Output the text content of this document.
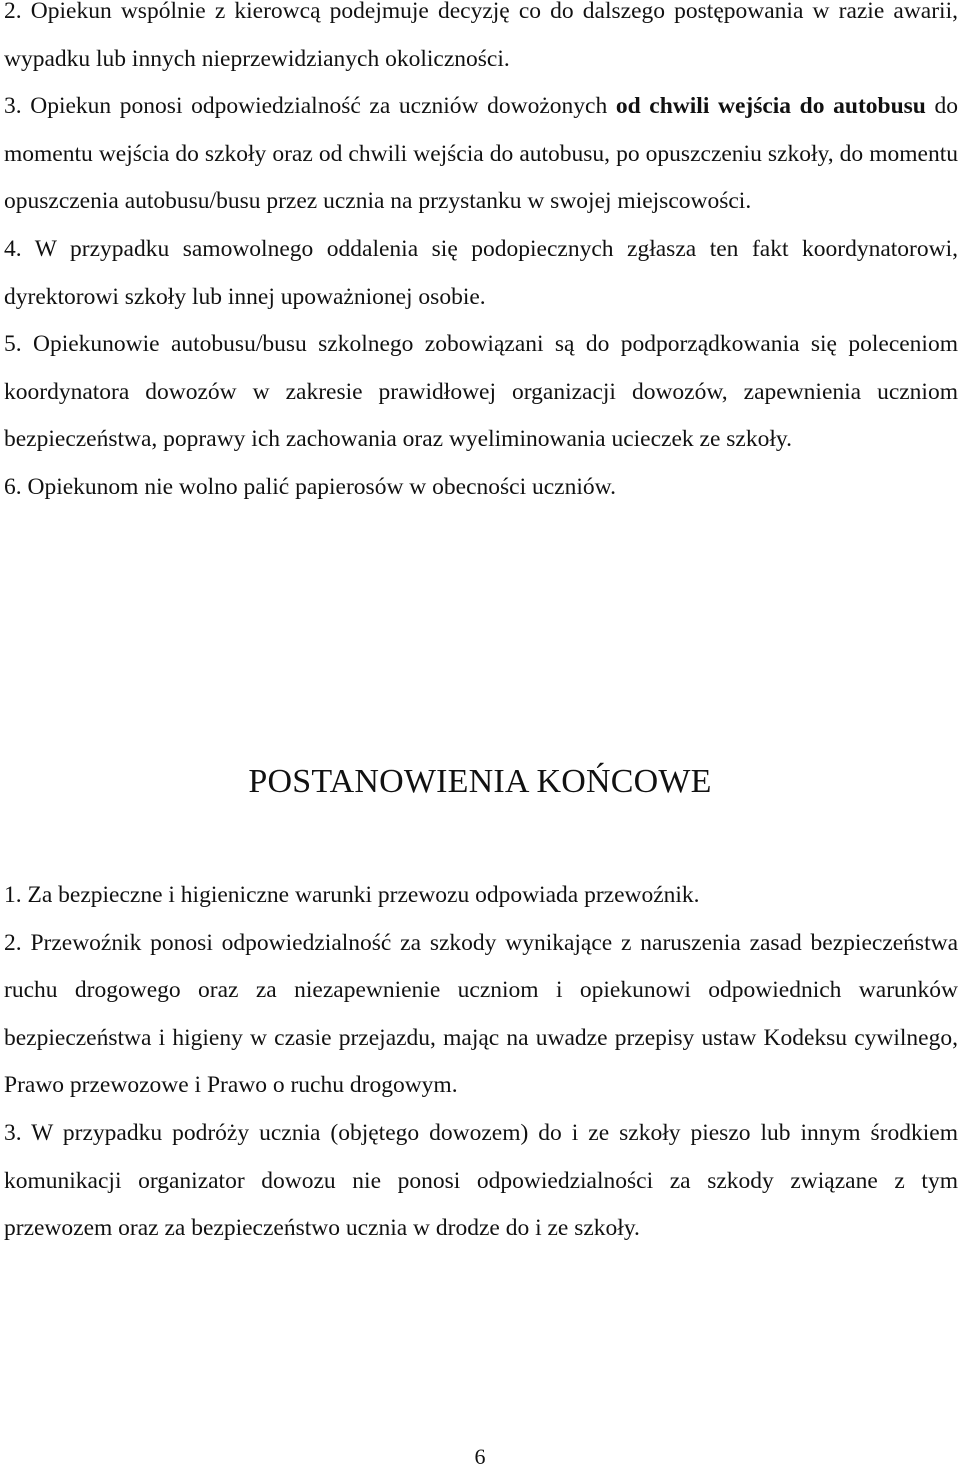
2. Opiekun wspólnie z kierowcą podejmuje decyzję co do dalszego postępowania w razie awarii, wypadku lub innych nieprzewidzianych okoliczności.

3. Opiekun ponosi odpowiedzialność za uczniów dowożonych od chwili wejścia do autobusu do momentu wejścia do szkoły oraz od chwili wejścia do autobusu, po opuszczeniu szkoły, do momentu opuszczenia autobusu/busu przez ucznia na przystanku w swojej miejscowości.

4. W przypadku samowolnego oddalenia się podopiecznych zgłasza ten fakt koordynatorowi, dyrektorowi szkoły lub innej upoważnionej osobie.

5. Opiekunowie autobusu/busu szkolnego zobowiązani są do podporządkowania się poleceniom koordynatora dowozów w zakresie prawidłowej organizacji dowozów, zapewnienia uczniom bezpieczeństwa, poprawy ich zachowania oraz wyeliminowania ucieczek ze szkoły.

6. Opiekunom nie wolno palić papierosów w obecności uczniów.

POSTANOWIENIA KOŃCOWE

1. Za bezpieczne i higieniczne warunki przewozu odpowiada przewoźnik.

2. Przewoźnik ponosi odpowiedzialność za szkody wynikające z naruszenia zasad bezpieczeństwa ruchu drogowego oraz za niezapewnienie uczniom i opiekunowi odpowiednich warunków bezpieczeństwa i higieny w czasie przejazdu, mając na uwadze przepisy ustaw Kodeksu cywilnego, Prawo przewozowe i Prawo o ruchu drogowym.

3. W przypadku podróży ucznia (objętego dowozem) do i ze szkoły pieszo lub innym środkiem komunikacji organizator dowozu nie ponosi odpowiedzialności za szkody związane z tym przewozem oraz za bezpieczeństwo ucznia w drodze do i ze szkoły.

6
